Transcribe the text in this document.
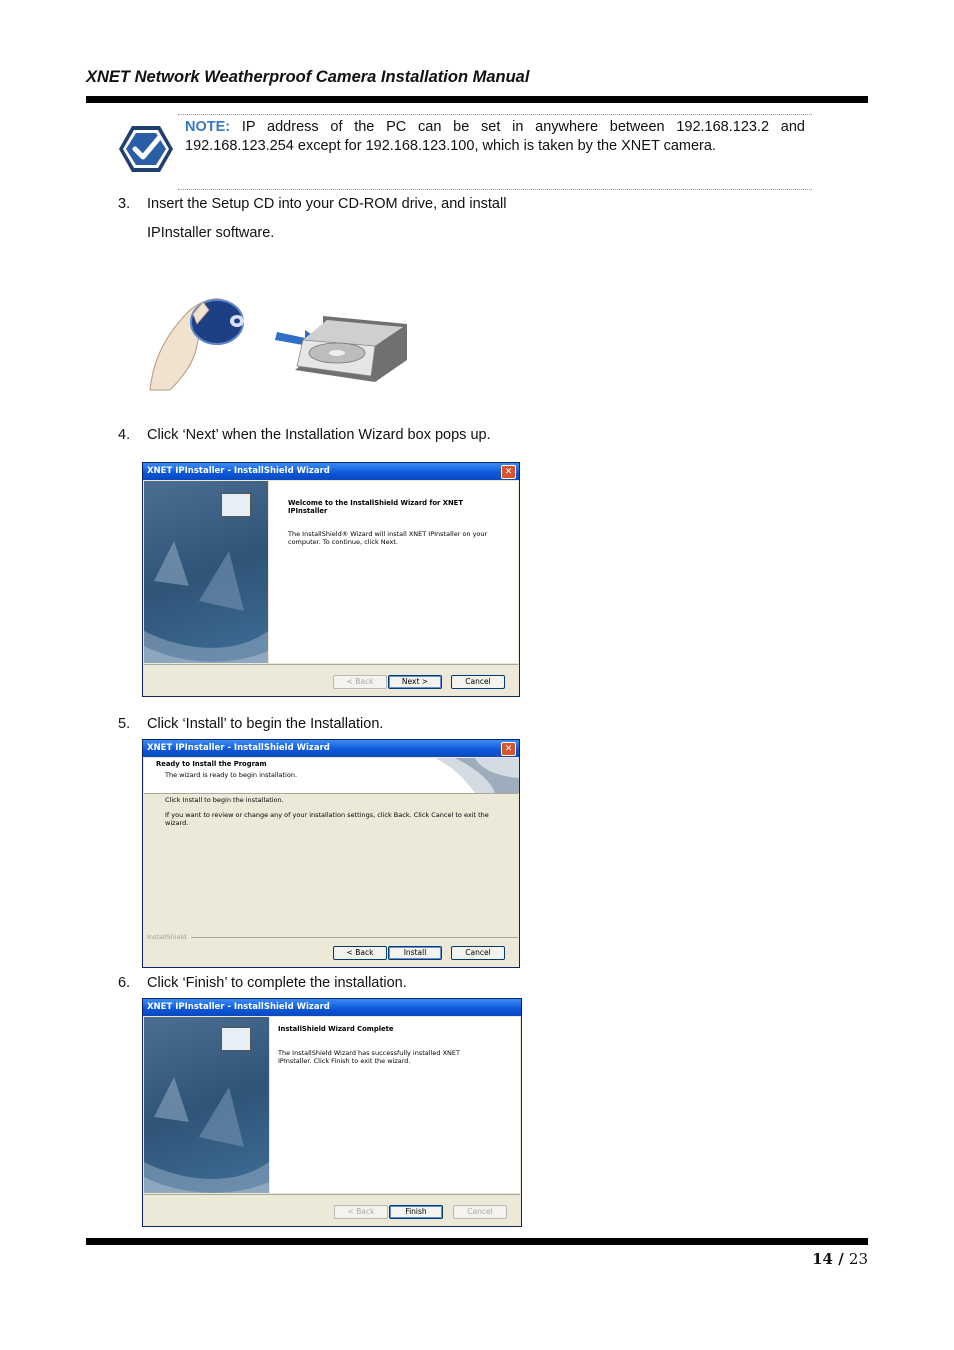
XNET Network Weatherproof Camera Installation Manual
NOTE: IP address of the PC can be set in anywhere between 192.168.123.2 and 192.168.123.254 except for 192.168.123.100, which is taken by the XNET camera.
3. Insert the Setup CD into your CD-ROM drive, and install
IPInstaller software.
4. Click ‘Next’ when the Installation Wizard box pops up.
XNET IPInstaller - InstallShield Wizard	✕
Welcome to the InstallShield Wizard for XNET IPInstaller
The InstallShield® Wizard will install XNET IPInstaller on your computer. To continue, click Next.
< Back	Next >	Cancel
5. Click ‘Install’ to begin the Installation.
XNET IPInstaller - InstallShield Wizard	✕
Ready to Install the Program
The wizard is ready to begin installation.
Click Install to begin the installation.
If you want to review or change any of your installation settings, click Back. Click Cancel to exit the wizard.
InstallShield
< Back	Install	Cancel
6. Click ‘Finish’ to complete the installation.
XNET IPInstaller - InstallShield Wizard
InstallShield Wizard Complete
The InstallShield Wizard has successfully installed XNET IPInstaller. Click Finish to exit the wizard.
< Back	Finish	Cancel
14 / 23
